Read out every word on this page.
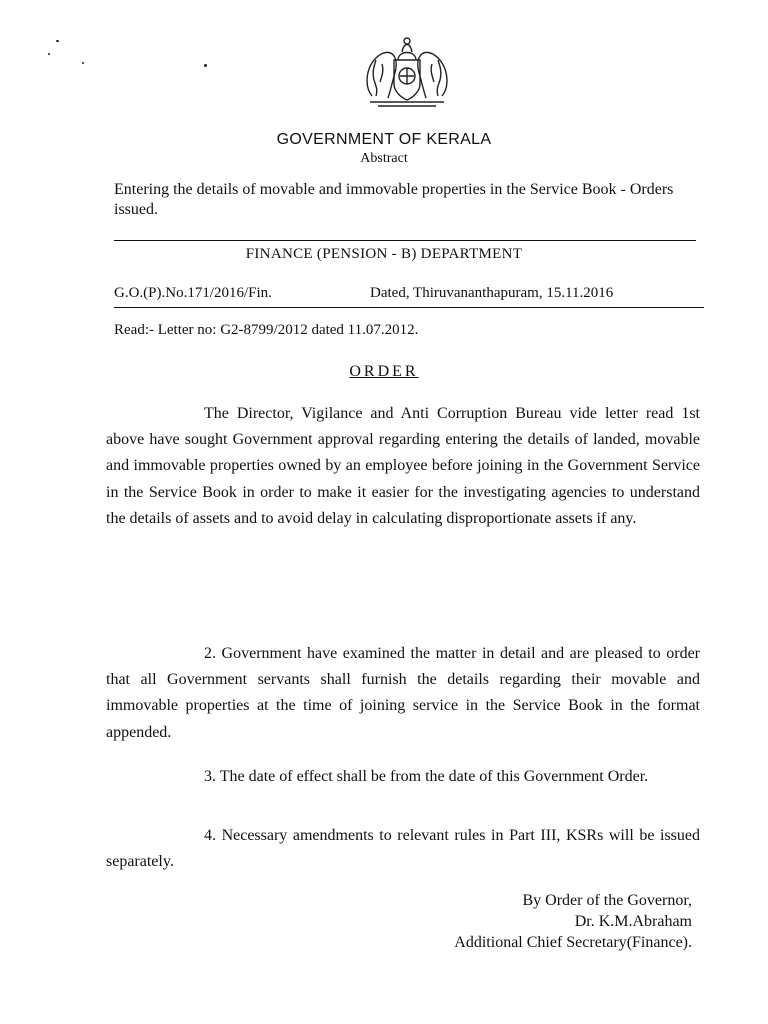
GOVERNMENT OF KERALA
Abstract
Entering the details of movable and immovable properties in the Service Book - Orders issued.
FINANCE (PENSION - B) DEPARTMENT
G.O.(P).No.171/2016/Fin.	Dated, Thiruvananthapuram, 15.11.2016
Read:- Letter no: G2-8799/2012 dated 11.07.2012.
ORDER
The Director, Vigilance and Anti Corruption Bureau vide letter read 1st above have sought Government approval regarding entering the details of landed, movable and immovable properties owned by an employee before joining in the Government Service in the Service Book in order to make it easier for the investigating agencies to understand the details of assets and to avoid delay in calculating disproportionate assets if any.
2. Government have examined the matter in detail and are pleased to order that all Government servants shall furnish the details regarding their movable and immovable properties at the time of joining service in the Service Book in the format appended.
3. The date of effect shall be from the date of this Government Order.
4. Necessary amendments to relevant rules in Part III, KSRs will be issued separately.
By Order of the Governor,
Dr. K.M.Abraham
Additional Chief Secretary(Finance).
